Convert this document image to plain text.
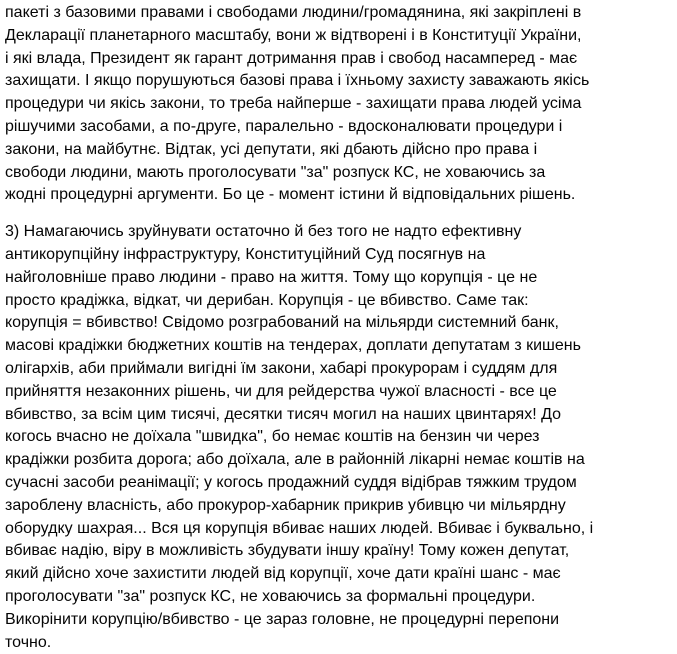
пакеті з базовими правами і свободами людини/громадянина, які закріплені в
Декларації планетарного масштабу, вони ж відтворені і в Конституції України,
і які влада, Президент як гарант дотримання прав і свобод насамперед - має
захищати. І якщо порушуються базові права і їхньому захисту заважають якісь
процедури чи якісь закони, то треба найперше - захищати права людей усіма
рішучими засобами, а по-друге, паралельно - вдосконалювати процедури і
закони, на майбутнє. Відтак, усі депутати, які дбають дійсно про права і
свободи людини, мають проголосувати "за" розпуск КС, не ховаючись за
жодні процедурні аргументи. Бо це - момент істини й відповідальних рішень.
3) Намагаючись зруйнувати остаточно й без того не надто ефективну
антикорупційну інфраструктуру, Конституційний Суд посягнув на
найголовніше право людини - право на життя. Тому що корупція - це не
просто крадіжка, відкат, чи дерибан. Корупція - це вбивство. Саме так:
корупція = вбивство! Свідомо розграбований на мільярди системний банк,
масові крадіжки бюджетних коштів на тендерах, доплати депутатам з кишень
олігархів, аби приймали вигідні їм закони, хабарі прокурорам і суддям для
прийняття незаконних рішень, чи для рейдерства чужої власності - все це
вбивство, за всім цим тисячі, десятки тисяч могил на наших цвинтарях! До
когось вчасно не доїхала "швидка", бо немає коштів на бензин чи через
крадіжки розбита дорога; або доїхала, але в районній лікарні немає коштів на
сучасні засоби реанімації; у когось продажний суддя відібрав тяжким трудом
зароблену власність, або прокурор-хабарник прикрив убивцю чи мільярдну
оборудку шахрая... Вся ця корупція вбиває наших людей. Вбиває і буквально, і
вбиває надію, віру в можливість збудувати іншу країну! Тому кожен депутат,
який дійсно хоче захистити людей від корупції, хоче дати країні шанс - має
проголосувати "за" розпуск КС, не ховаючись за формальні процедури.
Викорінити корупцію/вбивство - це зараз головне, не процедурні перепони
точно.
